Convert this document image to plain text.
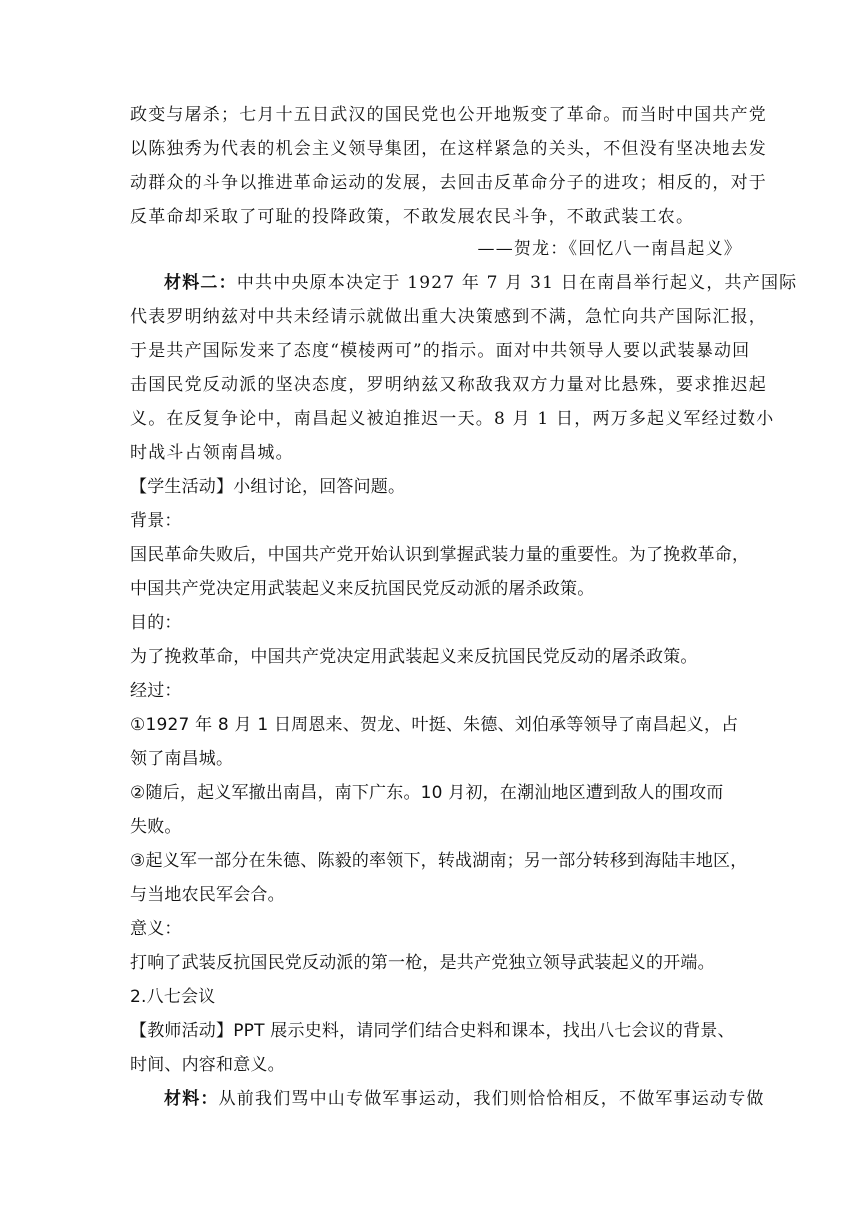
政变与屠杀；七月十五日武汉的国民党也公开地叛变了革命。而当时中国共产党
以陈独秀为代表的机会主义领导集团，在这样紧急的关头，不但没有坚决地去发
动群众的斗争以推进革命运动的发展，去回击反革命分子的进攻；相反的，对于
反革命却采取了可耻的投降政策，不敢发展农民斗争，不敢武装工农。
——贺龙：《回忆八一南昌起义》
材料二：中共中央原本决定于 1927 年 7 月 31 日在南昌举行起义，共产国际
代表罗明纳兹对中共未经请示就做出重大决策感到不满，急忙向共产国际汇报，
于是共产国际发来了态度“模棱两可”的指示。面对中共领导人要以武装暴动回
击国民党反动派的坚决态度，罗明纳兹又称敌我双方力量对比悬殊，要求推迟起
义。在反复争论中，南昌起义被迫推迟一天。8 月 1 日，两万多起义军经过数小
时战斗占领南昌城。
【学生活动】小组讨论，回答问题。
背景：
国民革命失败后，中国共产党开始认识到掌握武装力量的重要性。为了挽救革命，
中国共产党决定用武装起义来反抗国民党反动派的屠杀政策。
目的：
为了挽救革命，中国共产党决定用武装起义来反抗国民党反动的屠杀政策。
经过：
①1927 年 8 月 1 日周恩来、贺龙、叶挺、朱德、刘伯承等领导了南昌起义，占
领了南昌城。
②随后，起义军撤出南昌，南下广东。10 月初，在潮汕地区遭到敌人的围攻而
失败。
③起义军一部分在朱德、陈毅的率领下，转战湖南；另一部分转移到海陆丰地区，
与当地农民军会合。
意义：
打响了武装反抗国民党反动派的第一枪，是共产党独立领导武装起义的开端。
2.八七会议
【教师活动】PPT 展示史料，请同学们结合史料和课本，找出八七会议的背景、
时间、内容和意义。
材料：从前我们骂中山专做军事运动，我们则恰恰相反，不做军事运动专做
